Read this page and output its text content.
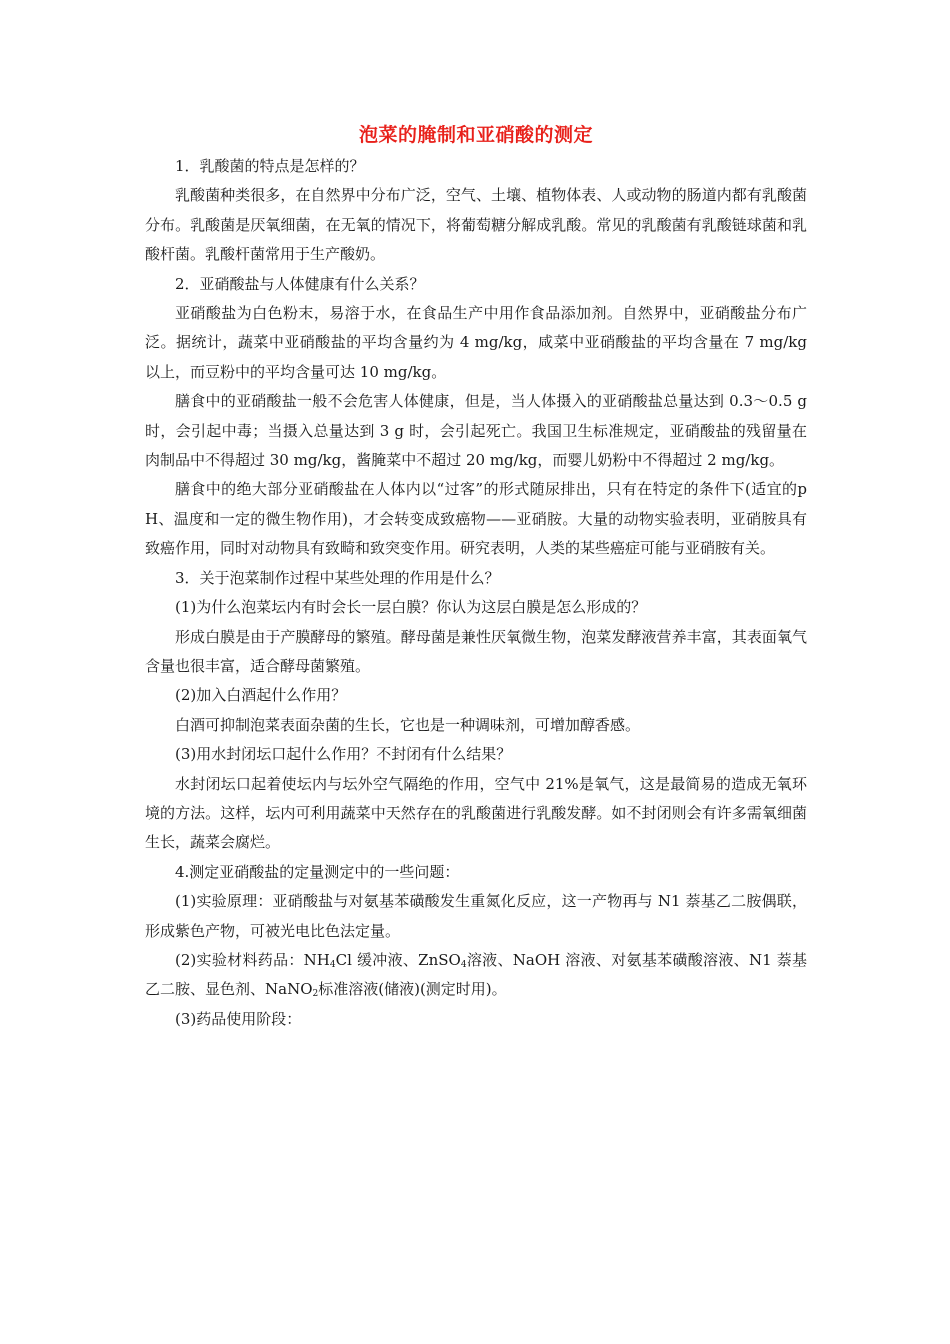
泡菜的腌制和亚硝酸的测定

1．乳酸菌的特点是怎样的？

乳酸菌种类很多，在自然界中分布广泛，空气、土壤、植物体表、人或动物的肠道内都有乳酸菌分布。乳酸菌是厌氧细菌，在无氧的情况下，将葡萄糖分解成乳酸。常见的乳酸菌有乳酸链球菌和乳酸杆菌。乳酸杆菌常用于生产酸奶。

2．亚硝酸盐与人体健康有什么关系？

亚硝酸盐为白色粉末，易溶于水，在食品生产中用作食品添加剂。自然界中，亚硝酸盐分布广泛。据统计，蔬菜中亚硝酸盐的平均含量约为 4 mg/kg，咸菜中亚硝酸盐的平均含量在 7 mg/kg 以上，而豆粉中的平均含量可达 10 mg/kg。

膳食中的亚硝酸盐一般不会危害人体健康，但是，当人体摄入的亚硝酸盐总量达到 0.3～0.5 g 时，会引起中毒；当摄入总量达到 3 g 时，会引起死亡。我国卫生标准规定，亚硝酸盐的残留量在肉制品中不得超过 30 mg/kg，酱腌菜中不超过 20 mg/kg，而婴儿奶粉中不得超过 2 mg/kg。

膳食中的绝大部分亚硝酸盐在人体内以“过客”的形式随尿排出，只有在特定的条件下(适宜的pH、温度和一定的微生物作用)，才会转变成致癌物——亚硝胺。大量的动物实验表明，亚硝胺具有致癌作用，同时对动物具有致畸和致突变作用。研究表明，人类的某些癌症可能与亚硝胺有关。

3．关于泡菜制作过程中某些处理的作用是什么？

(1)为什么泡菜坛内有时会长一层白膜？你认为这层白膜是怎么形成的？

形成白膜是由于产膜酵母的繁殖。酵母菌是兼性厌氧微生物，泡菜发酵液营养丰富，其表面氧气含量也很丰富，适合酵母菌繁殖。

(2)加入白酒起什么作用？

白酒可抑制泡菜表面杂菌的生长，它也是一种调味剂，可增加醇香感。

(3)用水封闭坛口起什么作用？不封闭有什么结果？

水封闭坛口起着使坛内与坛外空气隔绝的作用，空气中 21%是氧气，这是最简易的造成无氧环境的方法。这样，坛内可利用蔬菜中天然存在的乳酸菌进行乳酸发酵。如不封闭则会有许多需氧细菌生长，蔬菜会腐烂。

4.测定亚硝酸盐的定量测定中的一些问题：

(1)实验原理：亚硝酸盐与对氨基苯磺酸发生重氮化反应，这一产物再与 N1 萘基乙二胺偶联，形成紫色产物，可被光电比色法定量。

(2)实验材料药品：$NH_4Cl$ 缓冲液、ZnSO$_4$溶液、NaOH 溶液、对氨基苯磺酸溶液、N1 萘基乙二胺、显色剂、NaNO$_2$标准溶液(储液)(测定时用)。

(3)药品使用阶段：
